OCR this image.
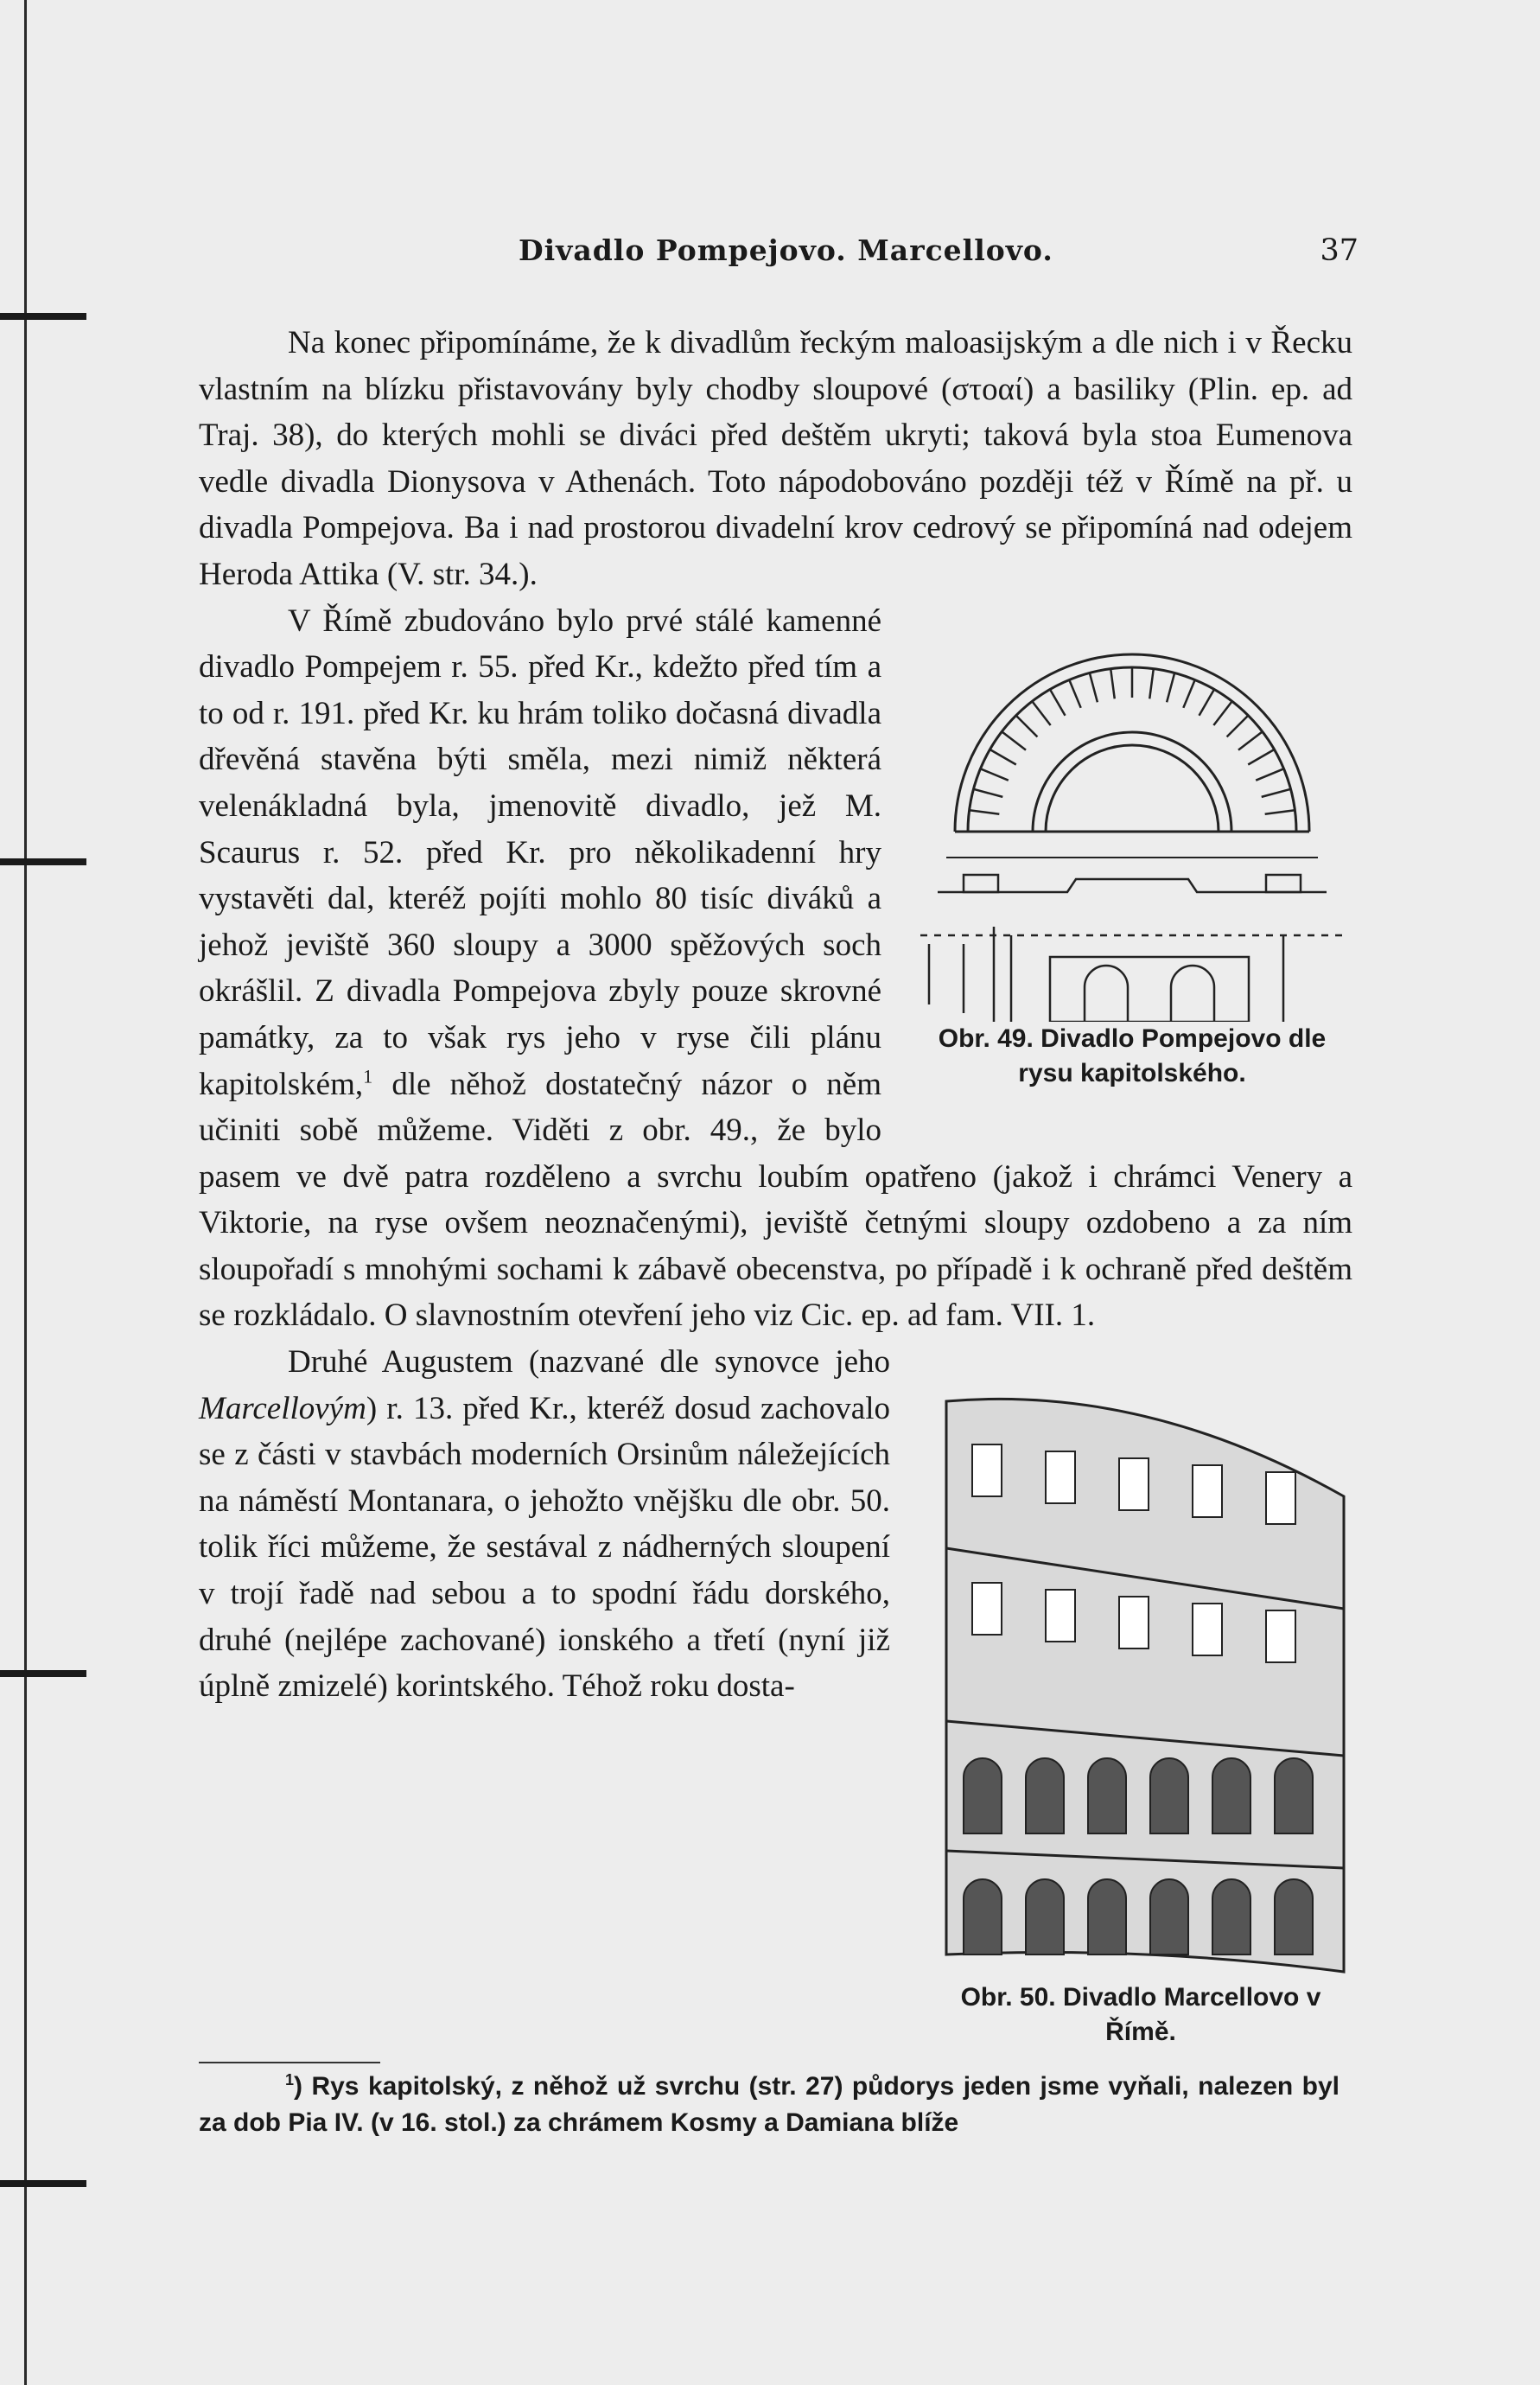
Divadlo Pompejovo. Marcellovo.	37

Na konec připomínáme, že k divadlům řeckým maloasijským a dle nich i v Řecku vlastním na blízku přistavovány byly chodby sloupové (στοαί) a basiliky (Plin. ep. ad Traj. 38), do kterých mohli se diváci před deštěm ukryti; taková byla stoa Eumenova vedle divadla Dionysova v Athenách. Toto nápodobováno později též v Římě na př. u divadla Pompejova. Ba i nad prostorou divadelní krov cedrový se připomíná nad odejem Heroda Attika (V. str. 34.).

Obr. 49. Divadlo Pompejovo dle rysu kapitolského.

V Římě zbudováno bylo prvé stálé kamenné divadlo Pompejem r. 55. před Kr., kdežto před tím a to od r. 191. před Kr. ku hrám toliko dočasná divadla dřevěná stavěna býti směla, mezi nimiž některá velenákladná byla, jmenovitě divadlo, jež M. Scaurus r. 52. před Kr. pro několikadenní hry vystavěti dal, kteréž pojíti mohlo 80 tisíc diváků a jehož jeviště 360 sloupy a 3000 spěžových soch okrášlil. Z divadla Pompejova zbyly pouze skrovné památky, za to však rys jeho v ryse čili plánu kapitolském,$^1$ dle něhož dostatečný názor o něm učiniti sobě můžeme. Viděti z obr. 49., že bylo pasem ve dvě patra rozděleno a svrchu loubím opatřeno (jakož i chrámci Venery a Viktorie, na ryse ovšem neoznačenými), jeviště četnými sloupy ozdobeno a za ním sloupořadí s mnohými sochami k zábavě obecenstva, po případě i k ochraně před deštěm se rozkládalo. O slavnostním otevření jeho viz Cic. ep. ad fam. VII. 1.

Obr. 50. Divadlo Marcellovo v Římě.

Druhé Augustem (nazvané dle synovce jeho Marcellovým) r. 13. před Kr., kteréž dosud zachovalo se z části v stavbách moderních Orsinům náležejících na náměstí Montanara, o jehožto vnějšku dle obr. 50. tolik říci můžeme, že sestával z nádherných sloupení v trojí řadě nad sebou a to spodní řádu dorského, druhé (nejlépe zachované) ionského a třetí (nyní již úplně zmizelé) korintského. Téhož roku dosta-

$^1$) Rys kapitolský, z něhož už svrchu (str. 27) půdorys jeden jsme vyňali, nalezen byl za dob Pia IV. (v 16. stol.) za chrámem Kosmy a Damiana blíže
